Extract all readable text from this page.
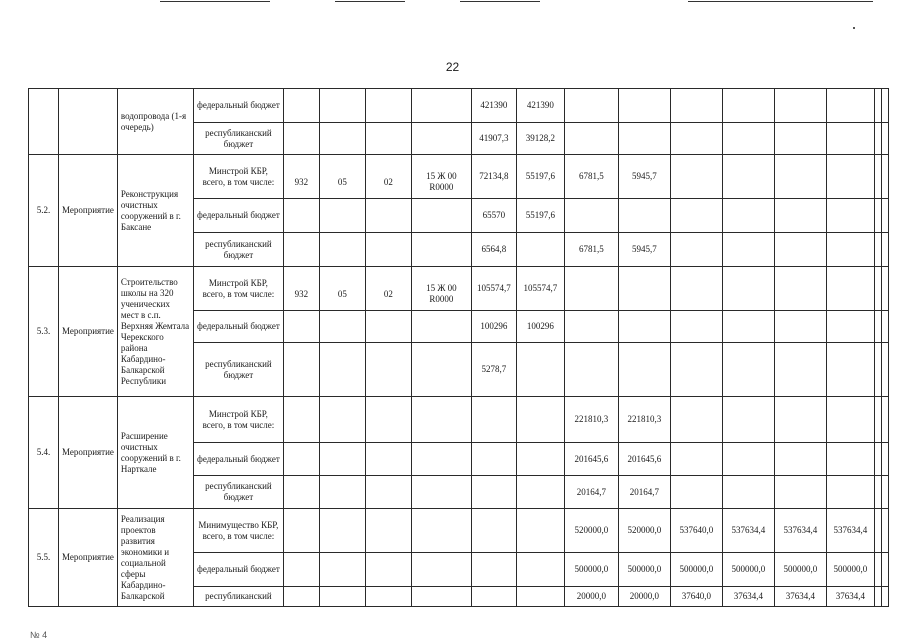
22
		водопровода (1-я очередь)	федеральный бюджет					421390	421390								
			республиканский бюджет					41907,3	39128,2								
5.2.	Мероприятие	Реконструкция очистных сооружений в г. Баксане	Минстрой КБР, всего, в том числе:	932	05	02	15 Ж 00 R0000	72134,8	55197,6	6781,5	5945,7						
			федеральный бюджет					65570	55197,6								
			республиканский бюджет					6564,8		6781,5	5945,7						
5.3.	Мероприятие	Строительство школы на 320 ученических мест в с.п. Верхняя Жемтала Черекского района Кабардино-Балкарской Республики	Минстрой КБР, всего, в том числе:	932	05	02	15 Ж 00 R0000	105574,7	105574,7								
			федеральный бюджет					100296	100296								
			республиканский бюджет					5278,7									
5.4.	Мероприятие	Расширение очистных сооружений в г. Нарткале	Минстрой КБР, всего, в том числе:							221810,3	221810,3						
			федеральный бюджет							201645,6	201645,6						
			республиканский бюджет							20164,7	20164,7						
5.5.	Мероприятие	Реализация проектов развития экономики и социальной сферы Кабардино-Балкарской	Минимущество КБР, всего, в том числе:							520000,0	520000,0	537640,0	537634,4	537634,4	537634,4		
			федеральный бюджет							500000,0	500000,0	500000,0	500000,0	500000,0	500000,0		
			республиканский							20000,0	20000,0	37640,0	37634,4	37634,4	37634,4		
№ 4
